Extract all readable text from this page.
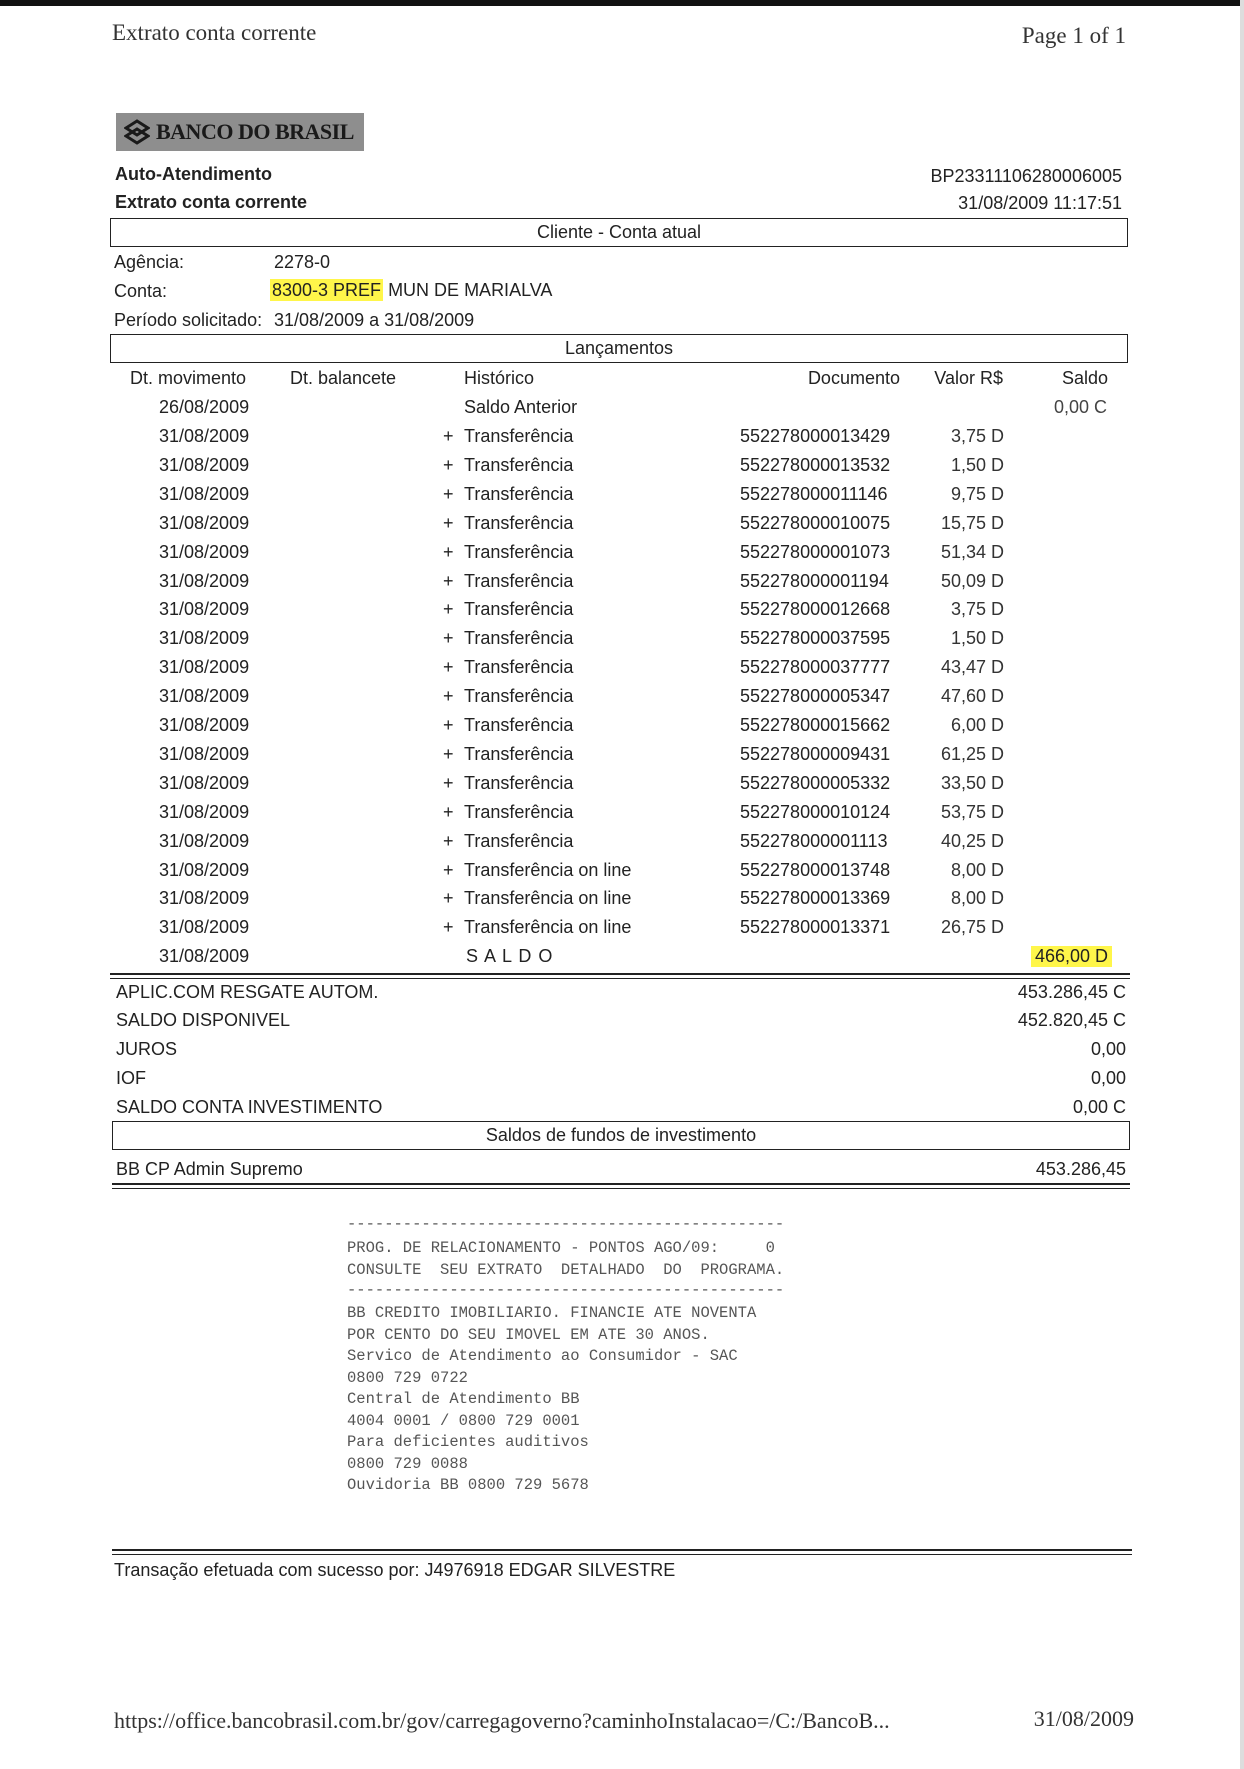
Extrato conta corrente	Page 1 of 1
BANCO DO BRASIL
Auto-Atendimento
Extrato conta corrente
BP23311106280006005
31/08/2009 11:17:51
Cliente - Conta atual
Agência:	2278-0
Conta:	8300-3 PREF MUN DE MARIALVA
Período solicitado: 31/08/2009 a 31/08/2009
Lançamentos
Dt. movimento Dt. balancete	Histórico	Documento Valor R$	Saldo
26/08/2009	Saldo Anterior	0,00 C
31/08/2009	+ Transferência	552278000013429	3,75 D
31/08/2009	+ Transferência	552278000013532	1,50 D
31/08/2009	+ Transferência	552278000011146	9,75 D
31/08/2009	+ Transferência	552278000010075	15,75 D
31/08/2009	+ Transferência	552278000001073	51,34 D
31/08/2009	+ Transferência	552278000001194	50,09 D
31/08/2009	+ Transferência	552278000012668	3,75 D
31/08/2009	+ Transferência	552278000037595	1,50 D
31/08/2009	+ Transferência	552278000037777	43,47 D
31/08/2009	+ Transferência	552278000005347	47,60 D
31/08/2009	+ Transferência	552278000015662	6,00 D
31/08/2009	+ Transferência	552278000009431	61,25 D
31/08/2009	+ Transferência	552278000005332	33,50 D
31/08/2009	+ Transferência	552278000010124	53,75 D
31/08/2009	+ Transferência	552278000001113	40,25 D
31/08/2009	+ Transferência on line	552278000013748	8,00 D
31/08/2009	+ Transferência on line	552278000013369	8,00 D
31/08/2009	+ Transferência on line	552278000013371	26,75 D
31/08/2009	S A L D O	466,00 D
APLIC.COM RESGATE AUTOM.	453.286,45 C
SALDO DISPONIVEL	452.820,45 C
JUROS	0,00
IOF	0,00
SALDO CONTA INVESTIMENTO	0,00 C
Saldos de fundos de investimento
BB CP Admin Supremo	453.286,45
-----------------------------------------------
PROG. DE RELACIONAMENTO - PONTOS AGO/09:     0
CONSULTE  SEU EXTRATO  DETALHADO  DO  PROGRAMA.
-----------------------------------------------
BB CREDITO IMOBILIARIO. FINANCIE ATE NOVENTA
POR CENTO DO SEU IMOVEL EM ATE 30 ANOS.
Servico de Atendimento ao Consumidor - SAC
0800 729 0722
Central de Atendimento BB
4004 0001 / 0800 729 0001
Para deficientes auditivos
0800 729 0088
Ouvidoria BB 0800 729 5678
Transação efetuada com sucesso por: J4976918 EDGAR SILVESTRE
https://office.bancobrasil.com.br/gov/carregagoverno?caminhoInstalacao=/C:/BancoB...	31/08/2009
